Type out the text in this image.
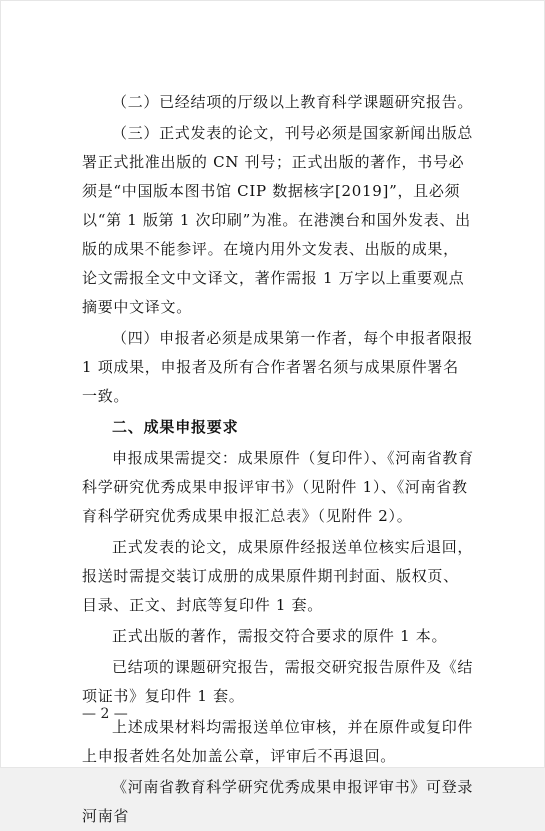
（二）已经结项的厅级以上教育科学课题研究报告。

（三）正式发表的论文，刊号必须是国家新闻出版总署正式批准出版的 CN 刊号；正式出版的著作，书号必须是“中国版本图书馆 CIP 数据核字[2019]”，且必须以“第 1 版第 1 次印刷”为准。在港澳台和国外发表、出版的成果不能参评。在境内用外文发表、出版的成果，论文需报全文中文译文，著作需报 1 万字以上重要观点摘要中文译文。

（四）申报者必须是成果第一作者，每个申报者限报 1 项成果，申报者及所有合作者署名须与成果原件署名一致。

二、成果申报要求

申报成果需提交：成果原件（复印件）、《河南省教育科学研究优秀成果申报评审书》（见附件 1）、《河南省教育科学研究优秀成果申报汇总表》（见附件 2）。

正式发表的论文，成果原件经报送单位核实后退回，报送时需提交装订成册的成果原件期刊封面、版权页、目录、正文、封底等复印件 1 套。

正式出版的著作，需报交符合要求的原件 1 本。

已结项的课题研究报告，需报交研究报告原件及《结项证书》复印件 1 套。

上述成果材料均需报送单位审核，并在原件或复印件上申报者姓名处加盖公章，评审后不再退回。

《河南省教育科学研究优秀成果申报评审书》可登录河南省

— 2 —
